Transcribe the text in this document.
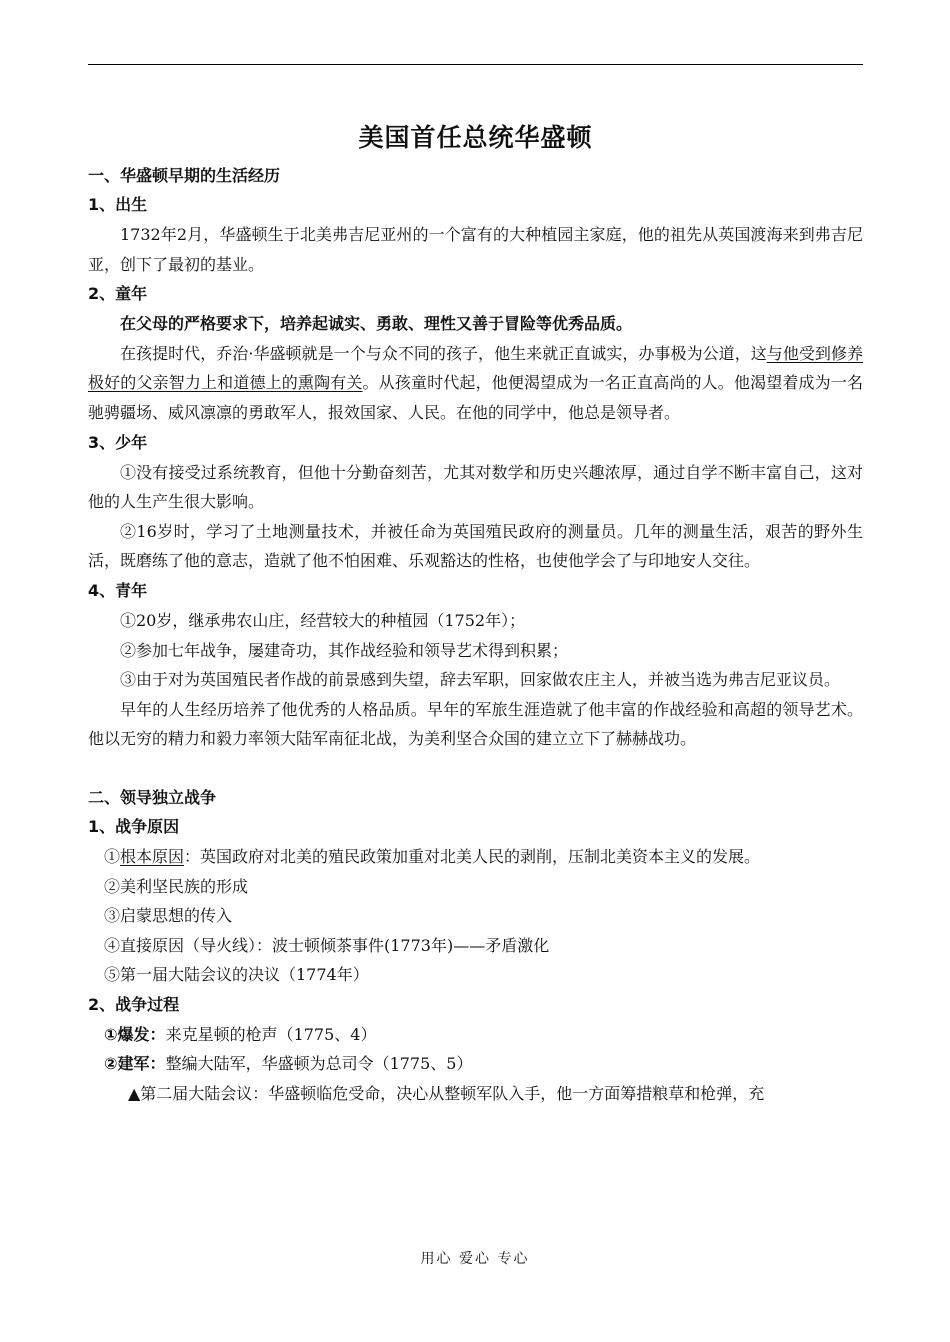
美国首任总统华盛顿
一、华盛顿早期的生活经历
1、出生

1732年2月，华盛顿生于北美弗吉尼亚州的一个富有的大种植园主家庭，他的祖先从英国渡海来到弗吉尼亚，创下了最初的基业。

2、童年

在父母的严格要求下，培养起诚实、勇敢、理性又善于冒险等优秀品质。

在孩提时代，乔治·华盛顿就是一个与众不同的孩子，他生来就正直诚实，办事极为公道，这与他受到修养极好的父亲智力上和道德上的熏陶有关。从孩童时代起，他便渴望成为一名正直高尚的人。他渴望着成为一名驰骋疆场、威风凛凛的勇敢军人，报效国家、人民。在他的同学中，他总是领导者。

3、少年

①没有接受过系统教育，但他十分勤奋刻苦，尤其对数学和历史兴趣浓厚，通过自学不断丰富自己，这对他的人生产生很大影响。

②16岁时，学习了土地测量技术，并被任命为英国殖民政府的测量员。几年的测量生活，艰苦的野外生活，既磨练了他的意志，造就了他不怕困难、乐观豁达的性格，也使他学会了与印地安人交往。

4、青年

①20岁，继承弗农山庄，经营较大的种植园（1752年）；

②参加七年战争，屡建奇功，其作战经验和领导艺术得到积累；

③由于对为英国殖民者作战的前景感到失望，辞去军职，回家做农庄主人，并被当选为弗吉尼亚议员。

早年的人生经历培养了他优秀的人格品质。早年的军旅生涯造就了他丰富的作战经验和高超的领导艺术。他以无穷的精力和毅力率领大陆军南征北战，为美利坚合众国的建立立下了赫赫战功。

二、领导独立战争
1、战争原因
①根本原因：英国政府对北美的殖民政策加重对北美人民的剥削，压制北美资本主义的发展。
②美利坚民族的形成
③启蒙思想的传入
④直接原因（导火线）：波士顿倾茶事件(1773年)——矛盾激化
⑤第一届大陆会议的决议（1774年）
2、战争过程
①爆发：来克星顿的枪声（1775、4）
②建军：整编大陆军，华盛顿为总司令（1775、5）
▲第二届大陆会议：华盛顿临危受命，决心从整顿军队入手，他一方面筹措粮草和枪弹，充
用心 爱心 专心
